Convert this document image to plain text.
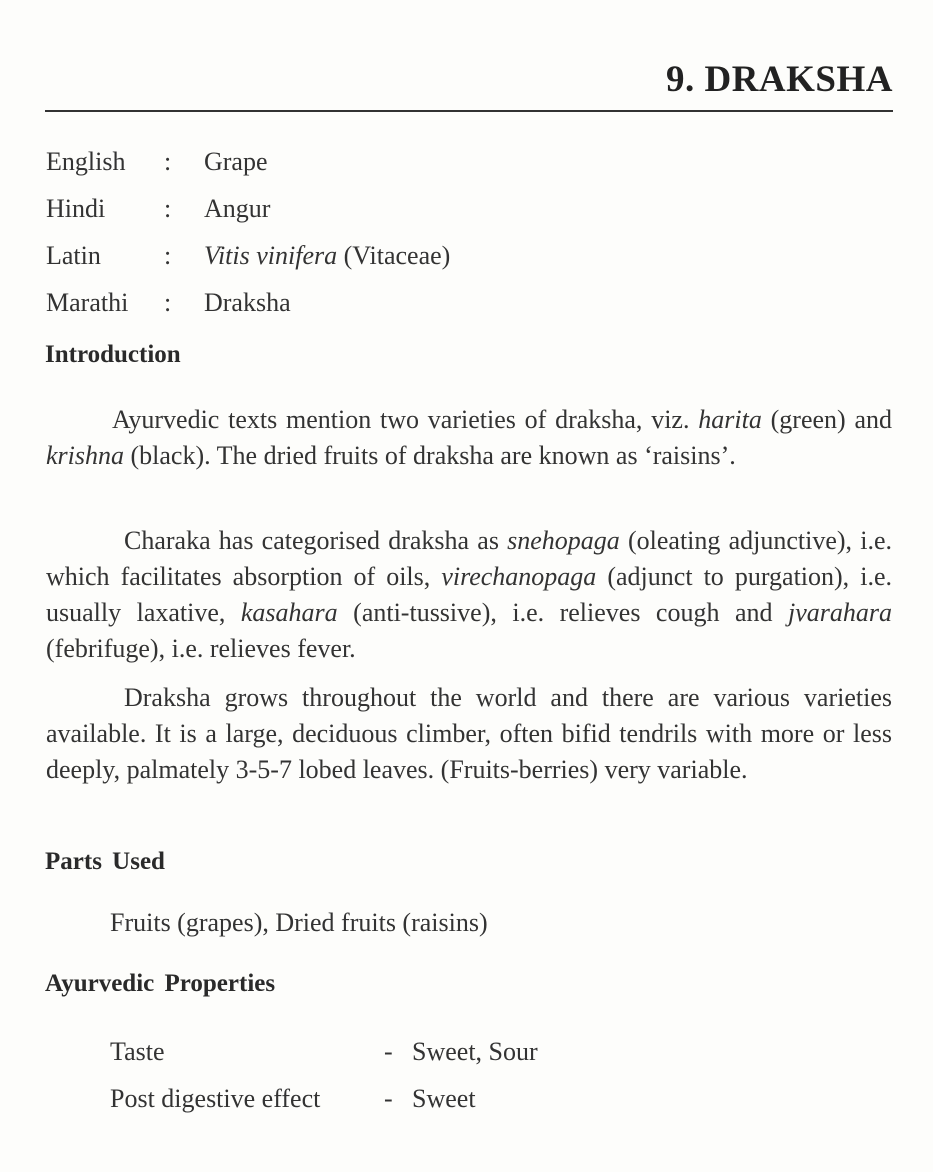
9. DRAKSHA
English	:	Grape
Hindi	:	Angur
Latin	:	Vitis vinifera (Vitaceae)
Marathi	:	Draksha
Introduction

Ayurvedic texts mention two varieties of draksha, viz. harita (green) and krishna (black). The dried fruits of draksha are known as ‘raisins’.

Charaka has categorised draksha as snehopaga (oleating adjunctive), i.e. which facilitates absorption of oils, virechanopaga (adjunct to purgation), i.e. usually laxative, kasahara (anti-tussive), i.e. relieves cough and jvarahara (febrifuge), i.e. relieves fever.

Draksha grows throughout the world and there are various varieties available. It is a large, deciduous climber, often bifid tendrils with more or less deeply, palmately 3-5-7 lobed leaves. (Fruits-berries) very variable.

Parts Used
Fruits (grapes), Dried fruits (raisins)
Ayurvedic Properties
Taste	- Sweet, Sour
Post digestive effect	- Sweet
